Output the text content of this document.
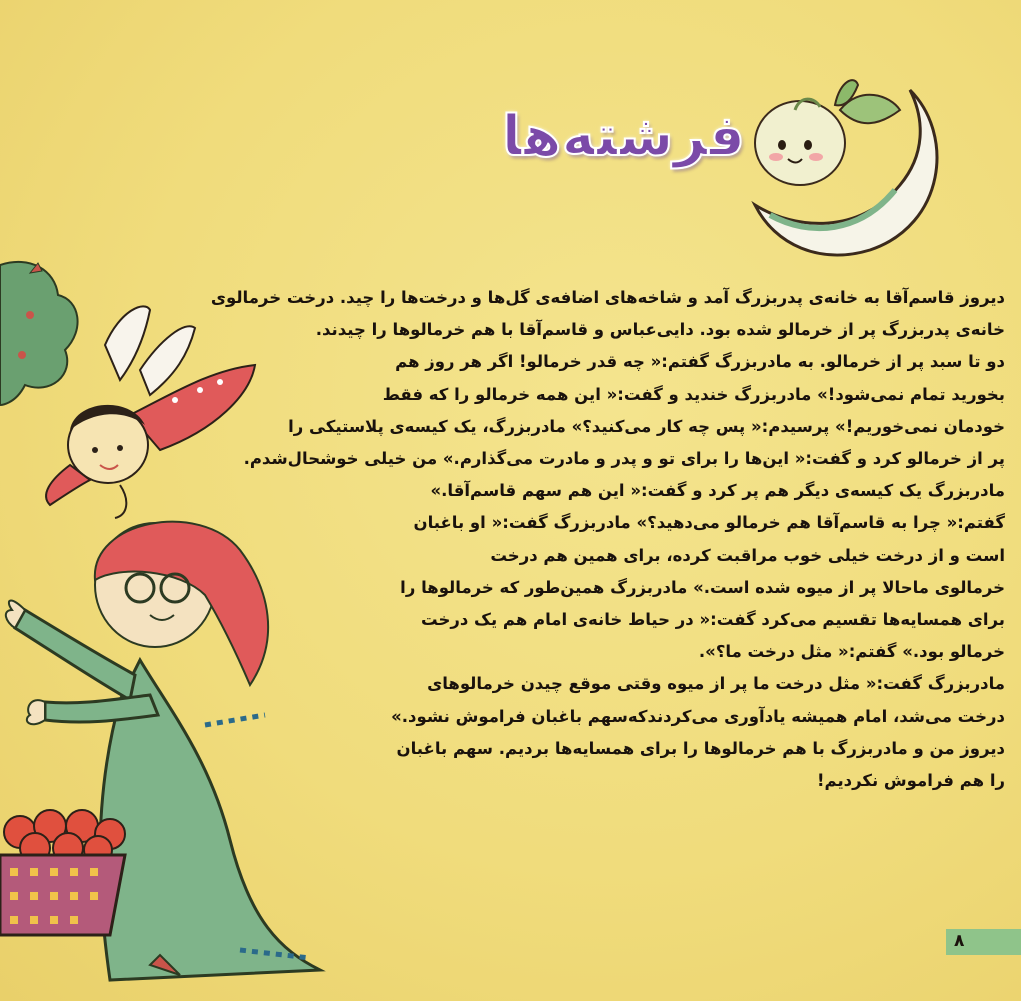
فرشته‌ها
دیروز قاسم‌آقا به خانه‌ی پدربزرگ آمد و شاخه‌های اضافه‌ی گل‌ها و درخت‌ها را چید. درخت خرمالوی
خانه‌ی پدربزرگ پر از خرمالو شده بود. دایی‌عباس و قاسم‌آقا با هم خرمالوها را چیدند.
دو تا سبد پر از خرمالو. به مادربزرگ گفتم:« چه قدر خرمالو! اگر هر روز هم
بخورید تمام نمی‌شود!» مادربزرگ خندید و گفت:« این همه خرمالو را که فقط
خودمان نمی‌خوریم!» پرسیدم:« پس چه کار می‌کنید؟» مادربزرگ، یک کیسه‌ی پلاستیکی را
پر از خرمالو کرد و گفت:« این‌ها را برای تو و پدر و مادرت می‌گذارم.» من خیلی خوشحال‌شدم.
مادربزرگ یک کیسه‌ی دیگر هم پر کرد و گفت:« این هم سهم قاسم‌آقا.»
گفتم:« چرا به قاسم‌آقا هم خرمالو می‌دهید؟» مادربزرگ گفت:« او باغبان
است و از درخت خیلی خوب مراقبت کرده، برای همین هم درخت
خرمالوی ماحالا پر از میوه شده است.» مادربزرگ همین‌طور که خرمالوها را
برای همسایه‌ها تقسیم می‌کرد گفت:« در حیاط خانه‌ی امام هم یک درخت
خرمالو بود.» گفتم:« مثل درخت ما؟».
مادربزرگ گفت:« مثل درخت ما پر از میوه وقتی موقع چیدن خرمالوهای
درخت می‌شد، امام همیشه یادآوری می‌کردندکه‌سهم باغبان فراموش نشود.»
دیروز من و مادربزرگ با هم خرمالوها را برای همسایه‌ها بردیم. سهم باغبان
را هم فراموش نکردیم!
۸
